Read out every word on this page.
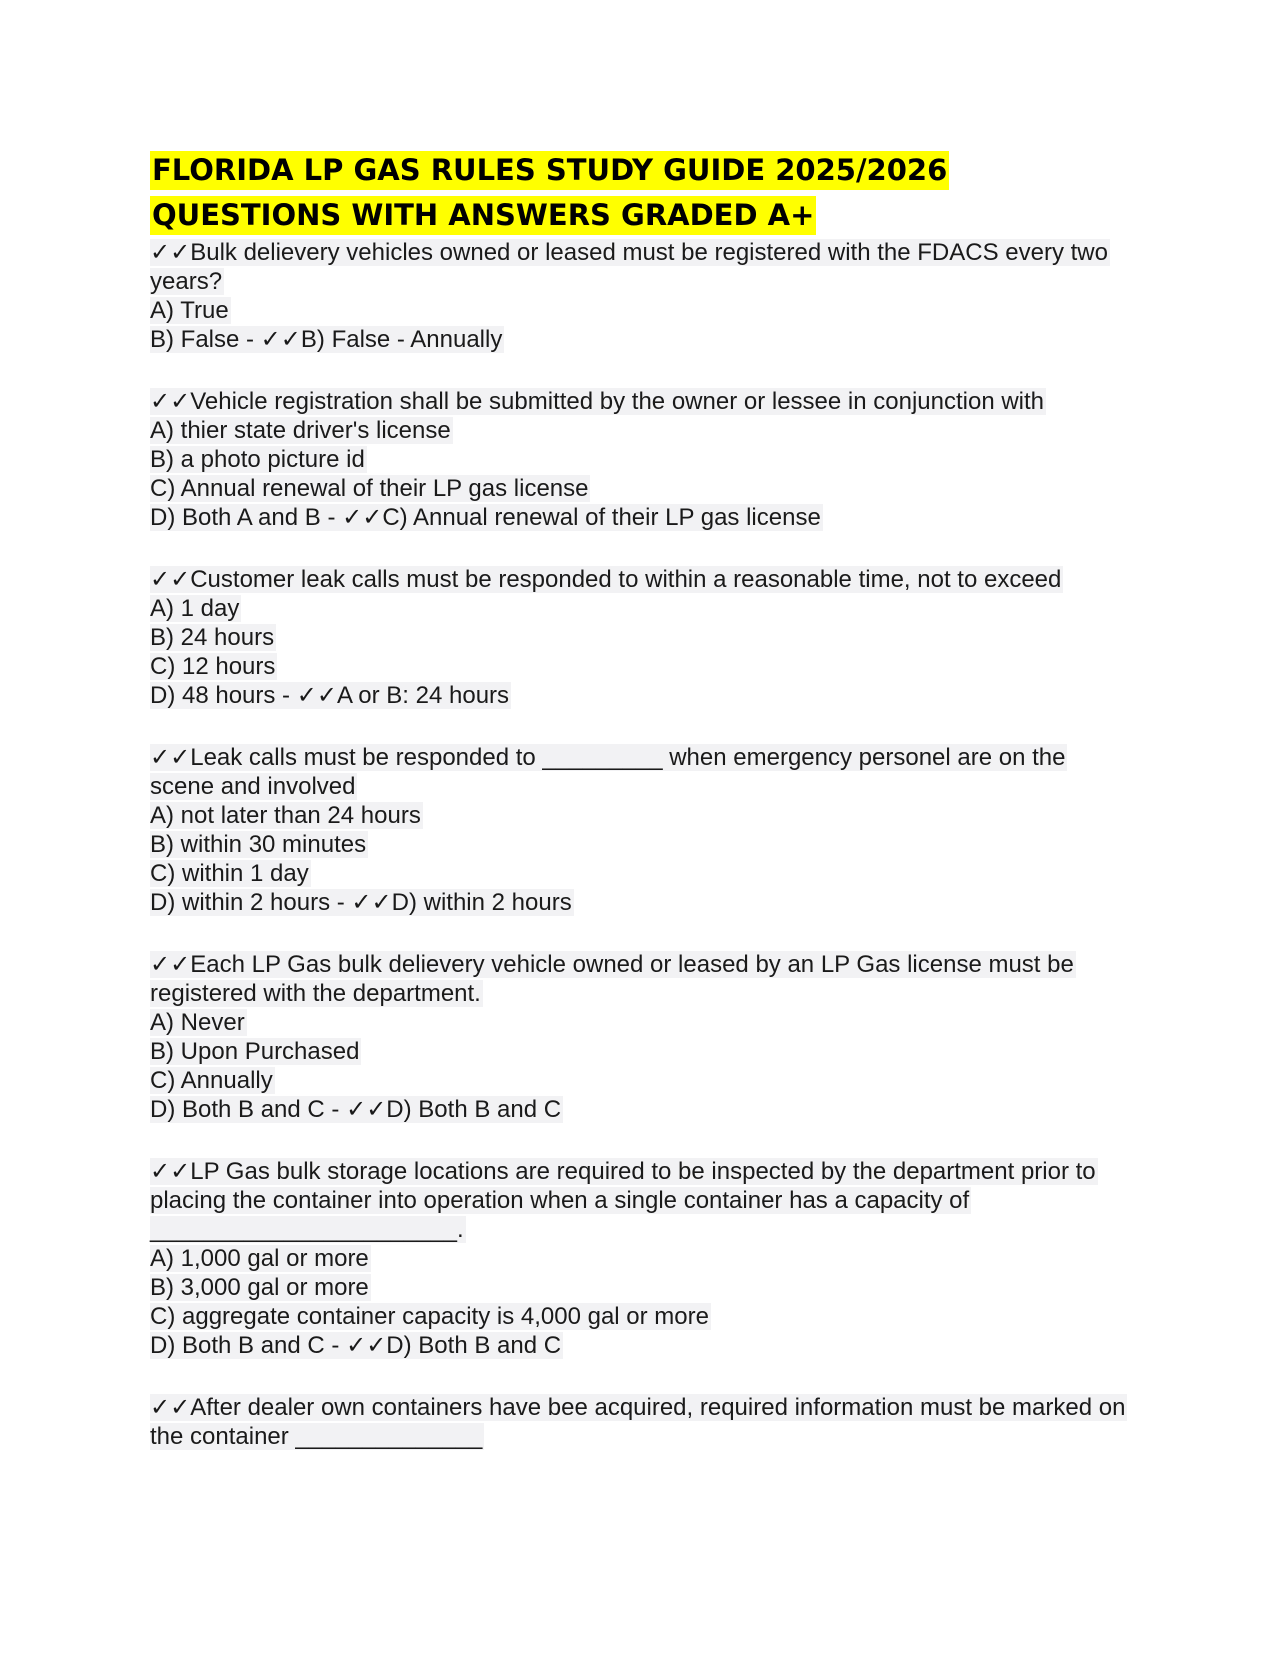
FLORIDA LP GAS RULES STUDY GUIDE 2025/2026
QUESTIONS WITH ANSWERS GRADED A+
✓✓Bulk delievery vehicles owned or leased must be registered with the FDACS every two years?
A) True
B) False - ✓✓B) False - Annually
✓✓Vehicle registration shall be submitted by the owner or lessee in conjunction with
A) thier state driver's license
B) a photo picture id
C) Annual renewal of their LP gas license
D) Both A and B - ✓✓C) Annual renewal of their LP gas license
✓✓Customer leak calls must be responded to within a reasonable time, not to exceed
A) 1 day
B) 24 hours
C) 12 hours
D) 48 hours - ✓✓A or B: 24 hours
✓✓Leak calls must be responded to _________ when emergency personel are on the scene and involved
A) not later than 24 hours
B) within 30 minutes
C) within 1 day
D) within 2 hours - ✓✓D) within 2 hours
✓✓Each LP Gas bulk delievery vehicle owned or leased by an LP Gas license must be registered with the department.
A) Never
B) Upon Purchased
C) Annually
D) Both B and C - ✓✓D) Both B and C
✓✓LP Gas bulk storage locations are required to be inspected by the department prior to placing the container into operation when a single container has a capacity of _______________________.
A) 1,000 gal or more
B) 3,000 gal or more
C) aggregate container capacity is 4,000 gal or more
D) Both B and C - ✓✓D) Both B and C
✓✓After dealer own containers have bee acquired, required information must be marked on the container ______________
